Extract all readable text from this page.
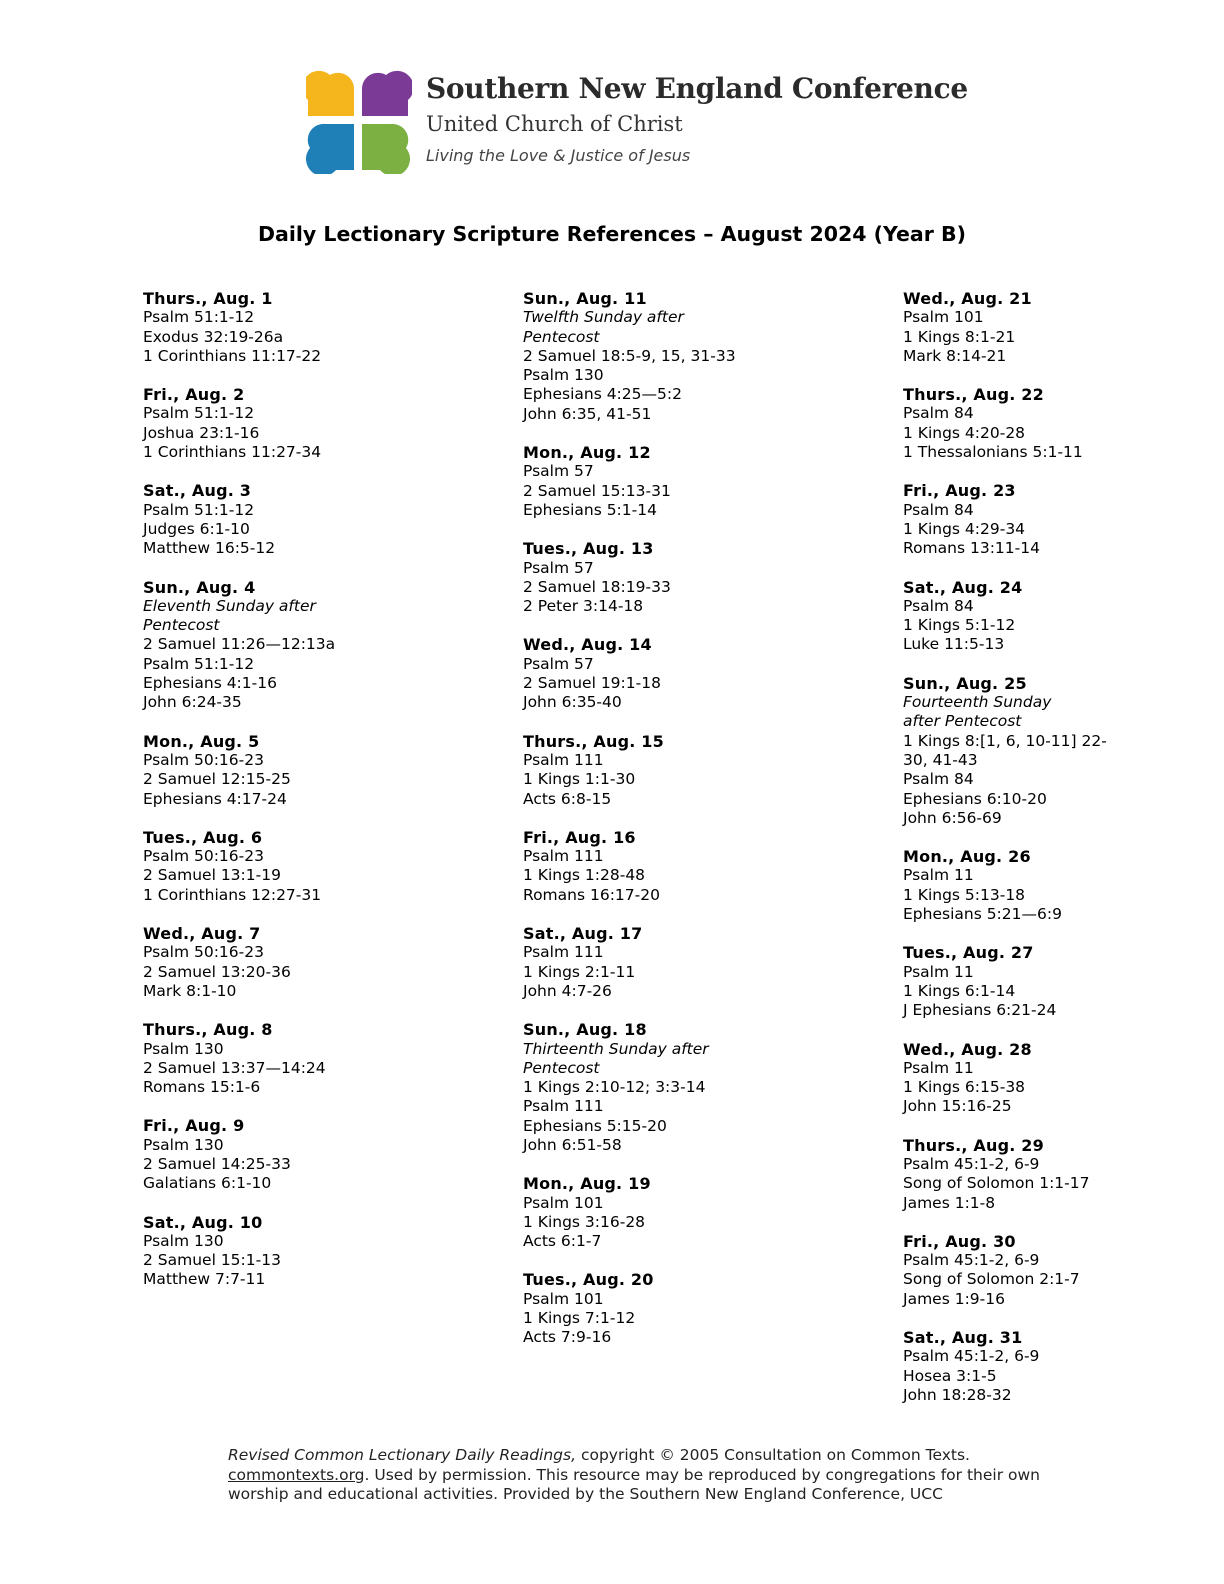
Southern New England Conference
United Church of Christ
Living the Love & Justice of Jesus
Daily Lectionary Scripture References – August 2024 (Year B)
Thurs., Aug. 1
Psalm 51:1-12
Exodus 32:19-26a
1 Corinthians 11:17-22
Fri., Aug. 2
Psalm 51:1-12
Joshua 23:1-16
1 Corinthians 11:27-34
Sat., Aug. 3
Psalm 51:1-12
Judges 6:1-10
Matthew 16:5-12
Sun., Aug. 4
Eleventh Sunday after Pentecost
2 Samuel 11:26—12:13a
Psalm 51:1-12
Ephesians 4:1-16
John 6:24-35
Mon., Aug. 5
Psalm 50:16-23
2 Samuel 12:15-25
Ephesians 4:17-24
Tues., Aug. 6
Psalm 50:16-23
2 Samuel 13:1-19
1 Corinthians 12:27-31
Wed., Aug. 7
Psalm 50:16-23
2 Samuel 13:20-36
Mark 8:1-10
Thurs., Aug. 8
Psalm 130
2 Samuel 13:37—14:24
Romans 15:1-6
Fri., Aug. 9
Psalm 130
2 Samuel 14:25-33
Galatians 6:1-10
Sat., Aug. 10
Psalm 130
2 Samuel 15:1-13
Matthew 7:7-11
Sun., Aug. 11
Twelfth Sunday after Pentecost
2 Samuel 18:5-9, 15, 31-33
Psalm 130
Ephesians 4:25—5:2
John 6:35, 41-51
Mon., Aug. 12
Psalm 57
2 Samuel 15:13-31
Ephesians 5:1-14
Tues., Aug. 13
Psalm 57
2 Samuel 18:19-33
2 Peter 3:14-18
Wed., Aug. 14
Psalm 57
2 Samuel 19:1-18
John 6:35-40
Thurs., Aug. 15
Psalm 111
1 Kings 1:1-30
Acts 6:8-15
Fri., Aug. 16
Psalm 111
1 Kings 1:28-48
Romans 16:17-20
Sat., Aug. 17
Psalm 111
1 Kings 2:1-11
John 4:7-26
Sun., Aug. 18
Thirteenth Sunday after Pentecost
1 Kings 2:10-12; 3:3-14
Psalm 111
Ephesians 5:15-20
John 6:51-58
Mon., Aug. 19
Psalm 101
1 Kings 3:16-28
Acts 6:1-7
Tues., Aug. 20
Psalm 101
1 Kings 7:1-12
Acts 7:9-16
Wed., Aug. 21
Psalm 101
1 Kings 8:1-21
Mark 8:14-21
Thurs., Aug. 22
Psalm 84
1 Kings 4:20-28
1 Thessalonians 5:1-11
Fri., Aug. 23
Psalm 84
1 Kings 4:29-34
Romans 13:11-14
Sat., Aug. 24
Psalm 84
1 Kings 5:1-12
Luke 11:5-13
Sun., Aug. 25
Fourteenth Sunday after Pentecost
1 Kings 8:[1, 6, 10-11] 22-30, 41-43
Psalm 84
Ephesians 6:10-20
John 6:56-69
Mon., Aug. 26
Psalm 11
1 Kings 5:13-18
Ephesians 5:21—6:9
Tues., Aug. 27
Psalm 11
1 Kings 6:1-14
J Ephesians 6:21-24
Wed., Aug. 28
Psalm 11
1 Kings 6:15-38
John 15:16-25
Thurs., Aug. 29
Psalm 45:1-2, 6-9
Song of Solomon 1:1-17
James 1:1-8
Fri., Aug. 30
Psalm 45:1-2, 6-9
Song of Solomon 2:1-7
James 1:9-16
Sat., Aug. 31
Psalm 45:1-2, 6-9
Hosea 3:1-5
John 18:28-32
Revised Common Lectionary Daily Readings, copyright © 2005 Consultation on Common Texts.
commontexts.org. Used by permission. This resource may be reproduced by congregations for their own worship and educational activities. Provided by the Southern New England Conference, UCC
